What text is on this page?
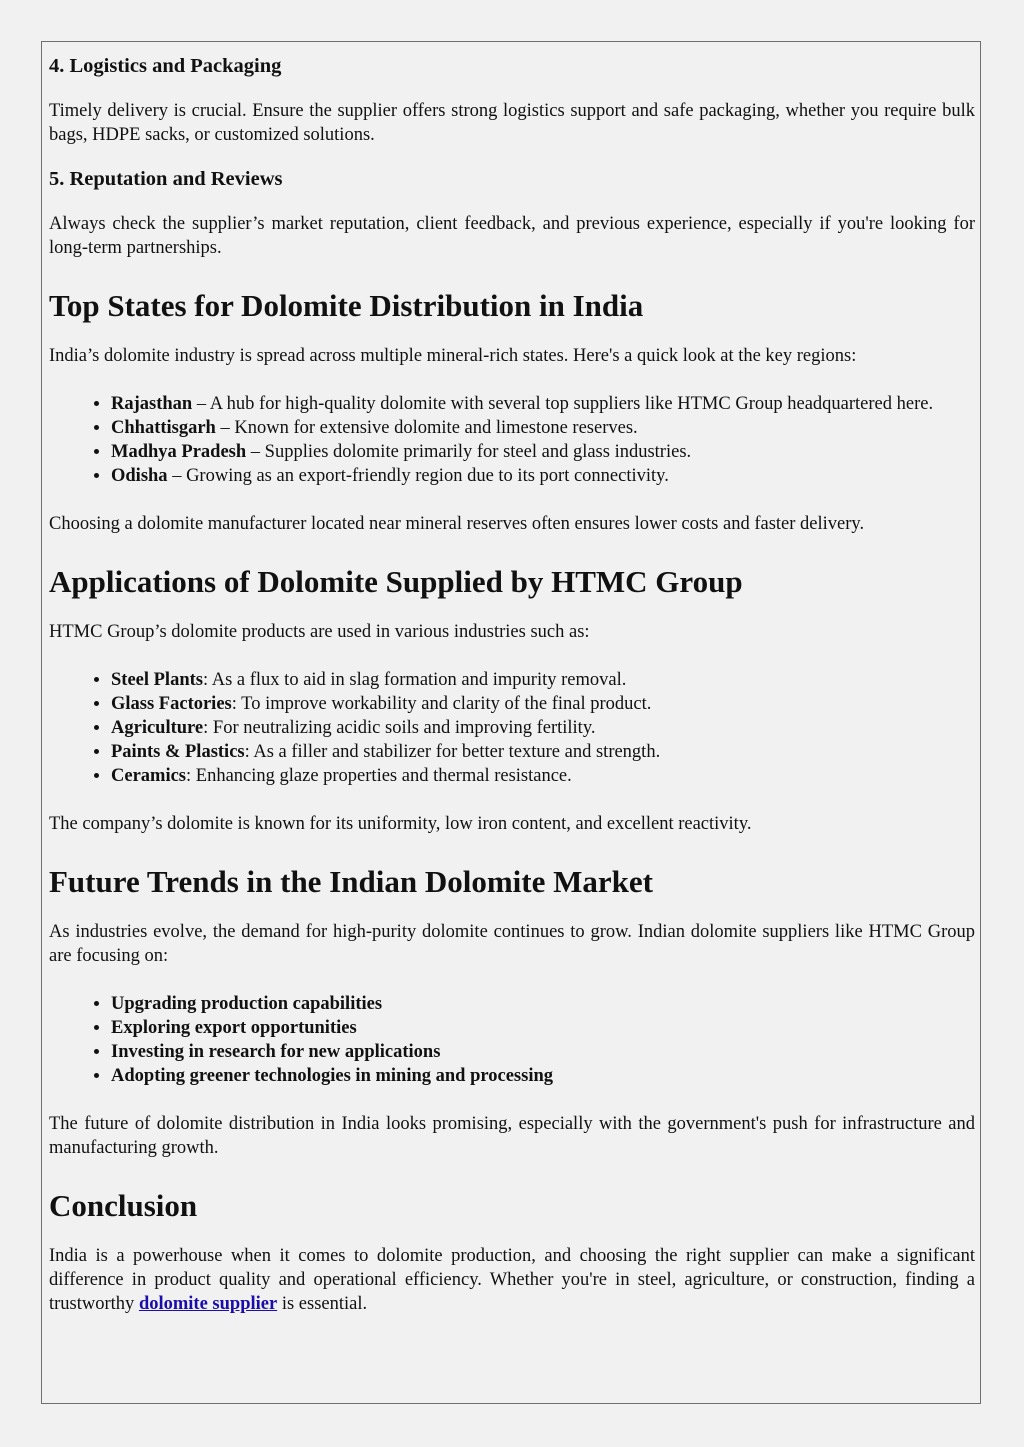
4. Logistics and Packaging

Timely delivery is crucial. Ensure the supplier offers strong logistics support and safe packaging, whether you require bulk bags, HDPE sacks, or customized solutions.

5. Reputation and Reviews

Always check the supplier’s market reputation, client feedback, and previous experience, especially if you're looking for long-term partnerships.

Top States for Dolomite Distribution in India

India’s dolomite industry is spread across multiple mineral-rich states. Here's a quick look at the key regions:

• Rajasthan – A hub for high-quality dolomite with several top suppliers like HTMC Group headquartered here.
• Chhattisgarh – Known for extensive dolomite and limestone reserves.
• Madhya Pradesh – Supplies dolomite primarily for steel and glass industries.
• Odisha – Growing as an export-friendly region due to its port connectivity.

Choosing a dolomite manufacturer located near mineral reserves often ensures lower costs and faster delivery.

Applications of Dolomite Supplied by HTMC Group

HTMC Group’s dolomite products are used in various industries such as:

• Steel Plants: As a flux to aid in slag formation and impurity removal.
• Glass Factories: To improve workability and clarity of the final product.
• Agriculture: For neutralizing acidic soils and improving fertility.
• Paints & Plastics: As a filler and stabilizer for better texture and strength.
• Ceramics: Enhancing glaze properties and thermal resistance.

The company’s dolomite is known for its uniformity, low iron content, and excellent reactivity.

Future Trends in the Indian Dolomite Market

As industries evolve, the demand for high-purity dolomite continues to grow. Indian dolomite suppliers like HTMC Group are focusing on:

• Upgrading production capabilities
• Exploring export opportunities
• Investing in research for new applications
• Adopting greener technologies in mining and processing

The future of dolomite distribution in India looks promising, especially with the government's push for infrastructure and manufacturing growth.

Conclusion

India is a powerhouse when it comes to dolomite production, and choosing the right supplier can make a significant difference in product quality and operational efficiency. Whether you're in steel, agriculture, or construction, finding a trustworthy dolomite supplier is essential.
